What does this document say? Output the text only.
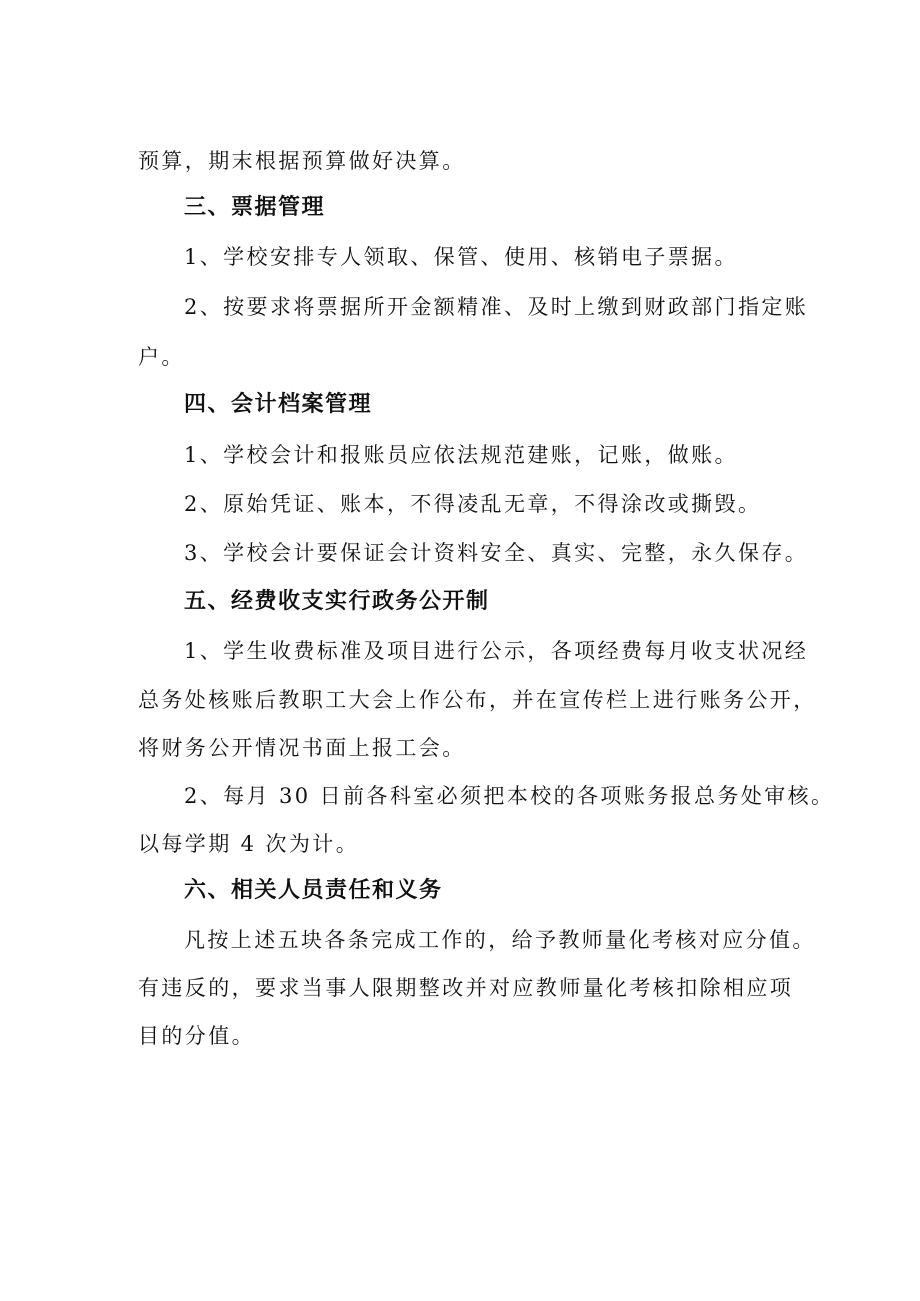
预算，期末根据预算做好决算。
三、票据管理
1、学校安排专人领取、保管、使用、核销电子票据。
2、按要求将票据所开金额精准、及时上缴到财政部门指定账
户。
四、会计档案管理
1、学校会计和报账员应依法规范建账，记账，做账。
2、原始凭证、账本，不得凌乱无章，不得涂改或撕毁。
3、学校会计要保证会计资料安全、真实、完整，永久保存。
五、经费收支实行政务公开制
1、学生收费标准及项目进行公示，各项经费每月收支状况经
总务处核账后教职工大会上作公布，并在宣传栏上进行账务公开，
将财务公开情况书面上报工会。
2、每月 30 日前各科室必须把本校的各项账务报总务处审核。
以每学期 4 次为计。
六、相关人员责任和义务
凡按上述五块各条完成工作的，给予教师量化考核对应分值。
有违反的，要求当事人限期整改并对应教师量化考核扣除相应项
目的分值。
